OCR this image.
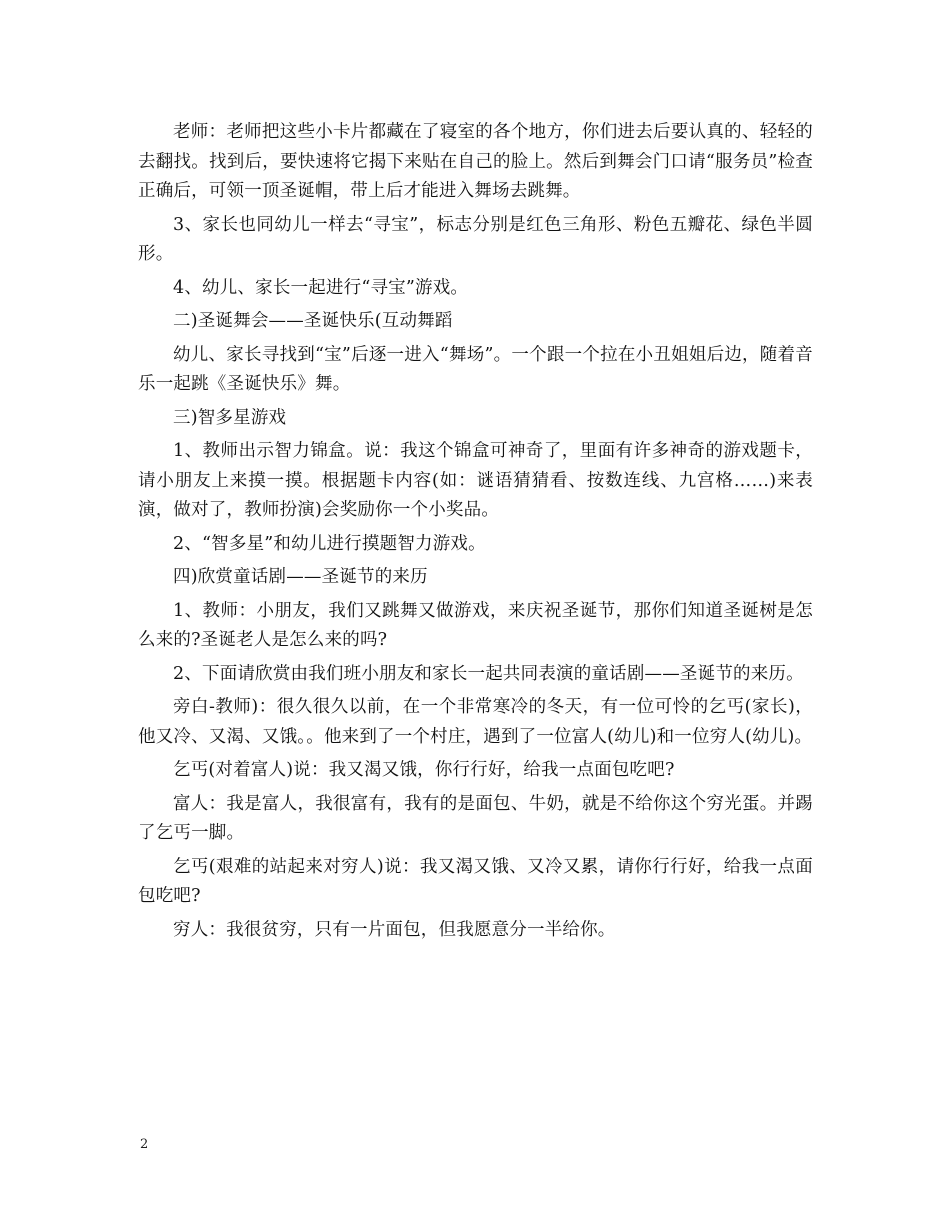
老师：老师把这些小卡片都藏在了寝室的各个地方，你们进去后要认真的、轻轻的去翻找。找到后，要快速将它揭下来贴在自己的脸上。然后到舞会门口请“服务员”检查正确后，可领一顶圣诞帽，带上后才能进入舞场去跳舞。

3、家长也同幼儿一样去“寻宝”，标志分别是红色三角形、粉色五瓣花、绿色半圆形。

4、幼儿、家长一起进行“寻宝”游戏。

二)圣诞舞会——圣诞快乐(互动舞蹈

幼儿、家长寻找到“宝”后逐一进入“舞场”。一个跟一个拉在小丑姐姐后边，随着音乐一起跳《圣诞快乐》舞。

三)智多星游戏

1、教师出示智力锦盒。说：我这个锦盒可神奇了，里面有许多神奇的游戏题卡，请小朋友上来摸一摸。根据题卡内容(如：谜语猜猜看、按数连线、九宫格……)来表演，做对了，教师扮演)会奖励你一个小奖品。

2、“智多星”和幼儿进行摸题智力游戏。

四)欣赏童话剧——圣诞节的来历

1、教师：小朋友，我们又跳舞又做游戏，来庆祝圣诞节，那你们知道圣诞树是怎么来的?圣诞老人是怎么来的吗?

2、下面请欣赏由我们班小朋友和家长一起共同表演的童话剧——圣诞节的来历。

旁白-教师)：很久很久以前，在一个非常寒冷的冬天，有一位可怜的乞丐(家长)，他又冷、又渴、又饿。。他来到了一个村庄，遇到了一位富人(幼儿)和一位穷人(幼儿)。

乞丐(对着富人)说：我又渴又饿，你行行好，给我一点面包吃吧?

富人：我是富人，我很富有，我有的是面包、牛奶，就是不给你这个穷光蛋。并踢了乞丐一脚。

乞丐(艰难的站起来对穷人)说：我又渴又饿、又冷又累，请你行行好，给我一点面包吃吧?

穷人：我很贫穷，只有一片面包，但我愿意分一半给你。

2
